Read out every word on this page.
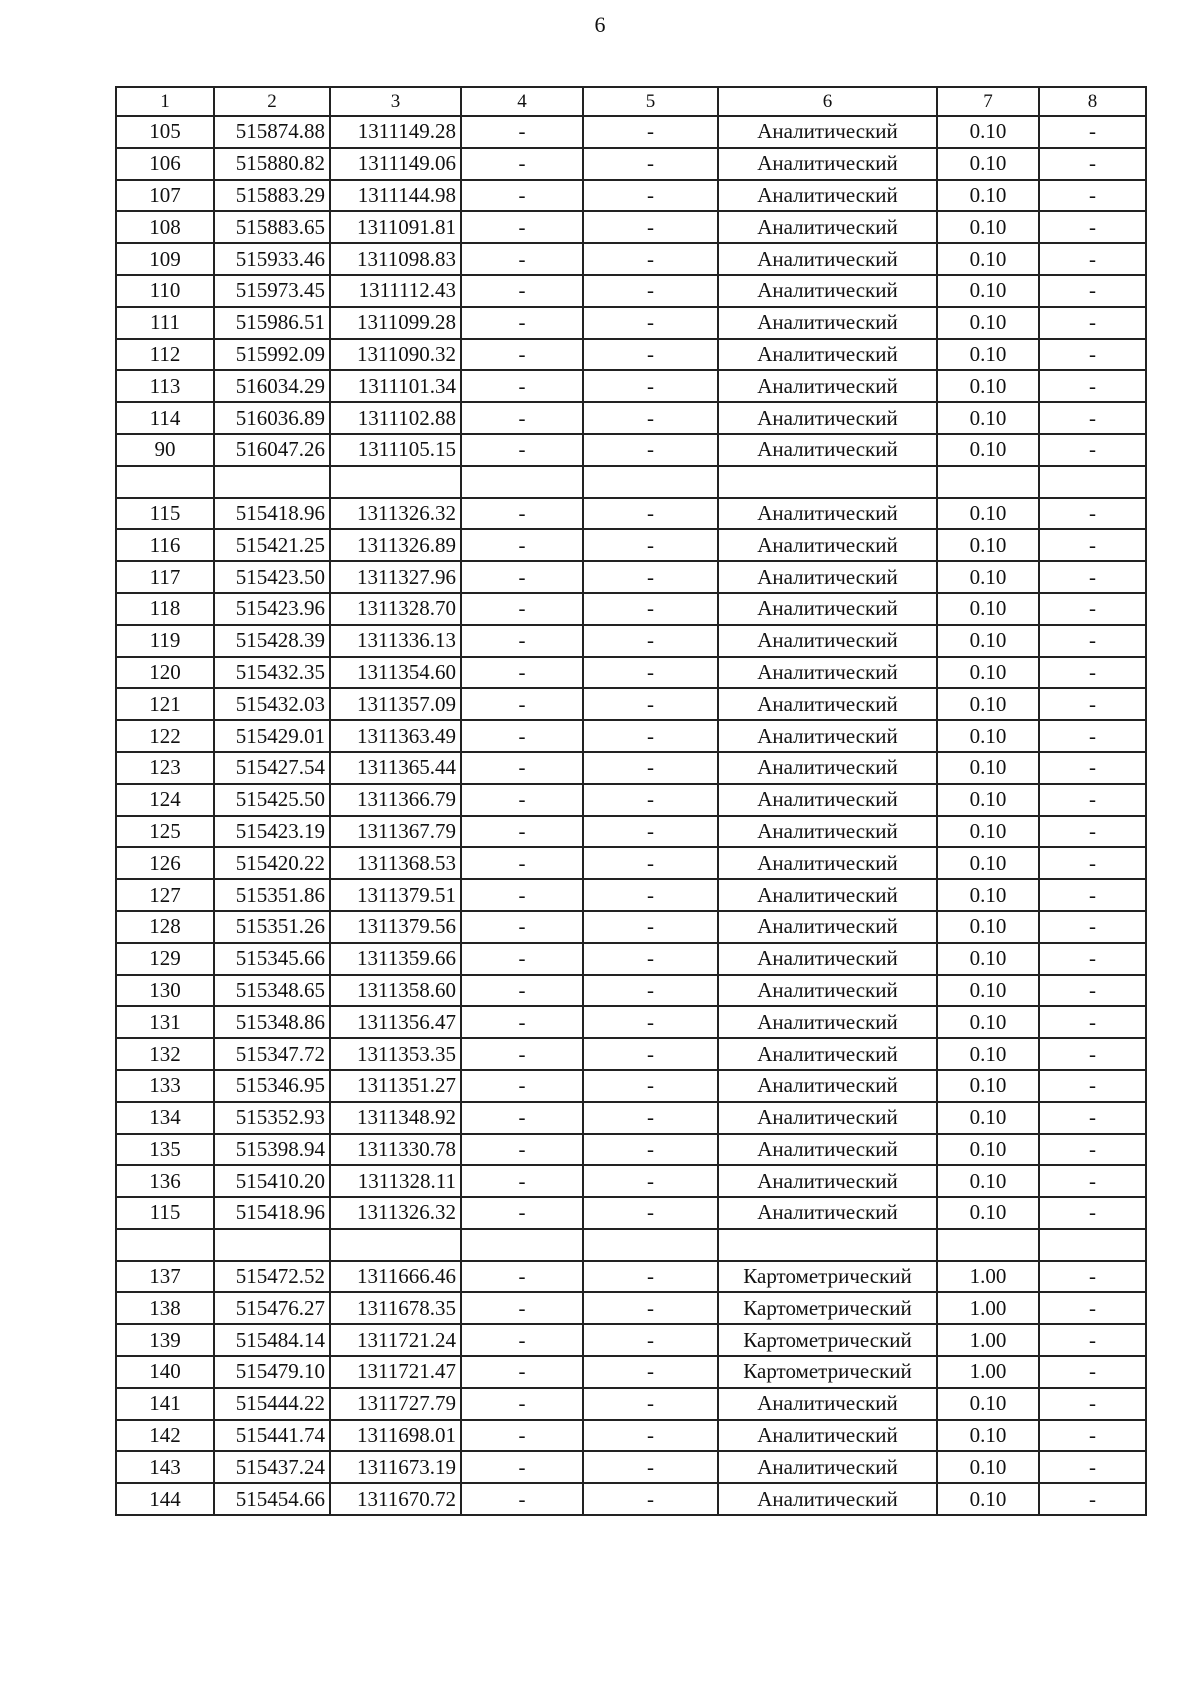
6
1	2	3	4	5	6	7	8
105	515874.88	1311149.28	-	-	Аналитический	0.10	-
106	515880.82	1311149.06	-	-	Аналитический	0.10	-
107	515883.29	1311144.98	-	-	Аналитический	0.10	-
108	515883.65	1311091.81	-	-	Аналитический	0.10	-
109	515933.46	1311098.83	-	-	Аналитический	0.10	-
110	515973.45	1311112.43	-	-	Аналитический	0.10	-
111	515986.51	1311099.28	-	-	Аналитический	0.10	-
112	515992.09	1311090.32	-	-	Аналитический	0.10	-
113	516034.29	1311101.34	-	-	Аналитический	0.10	-
114	516036.89	1311102.88	-	-	Аналитический	0.10	-
90	516047.26	1311105.15	-	-	Аналитический	0.10	-

115	515418.96	1311326.32	-	-	Аналитический	0.10	-
116	515421.25	1311326.89	-	-	Аналитический	0.10	-
117	515423.50	1311327.96	-	-	Аналитический	0.10	-
118	515423.96	1311328.70	-	-	Аналитический	0.10	-
119	515428.39	1311336.13	-	-	Аналитический	0.10	-
120	515432.35	1311354.60	-	-	Аналитический	0.10	-
121	515432.03	1311357.09	-	-	Аналитический	0.10	-
122	515429.01	1311363.49	-	-	Аналитический	0.10	-
123	515427.54	1311365.44	-	-	Аналитический	0.10	-
124	515425.50	1311366.79	-	-	Аналитический	0.10	-
125	515423.19	1311367.79	-	-	Аналитический	0.10	-
126	515420.22	1311368.53	-	-	Аналитический	0.10	-
127	515351.86	1311379.51	-	-	Аналитический	0.10	-
128	515351.26	1311379.56	-	-	Аналитический	0.10	-
129	515345.66	1311359.66	-	-	Аналитический	0.10	-
130	515348.65	1311358.60	-	-	Аналитический	0.10	-
131	515348.86	1311356.47	-	-	Аналитический	0.10	-
132	515347.72	1311353.35	-	-	Аналитический	0.10	-
133	515346.95	1311351.27	-	-	Аналитический	0.10	-
134	515352.93	1311348.92	-	-	Аналитический	0.10	-
135	515398.94	1311330.78	-	-	Аналитический	0.10	-
136	515410.20	1311328.11	-	-	Аналитический	0.10	-
115	515418.96	1311326.32	-	-	Аналитический	0.10	-

137	515472.52	1311666.46	-	-	Картометрический	1.00	-
138	515476.27	1311678.35	-	-	Картометрический	1.00	-
139	515484.14	1311721.24	-	-	Картометрический	1.00	-
140	515479.10	1311721.47	-	-	Картометрический	1.00	-
141	515444.22	1311727.79	-	-	Аналитический	0.10	-
142	515441.74	1311698.01	-	-	Аналитический	0.10	-
143	515437.24	1311673.19	-	-	Аналитический	0.10	-
144	515454.66	1311670.72	-	-	Аналитический	0.10	-
